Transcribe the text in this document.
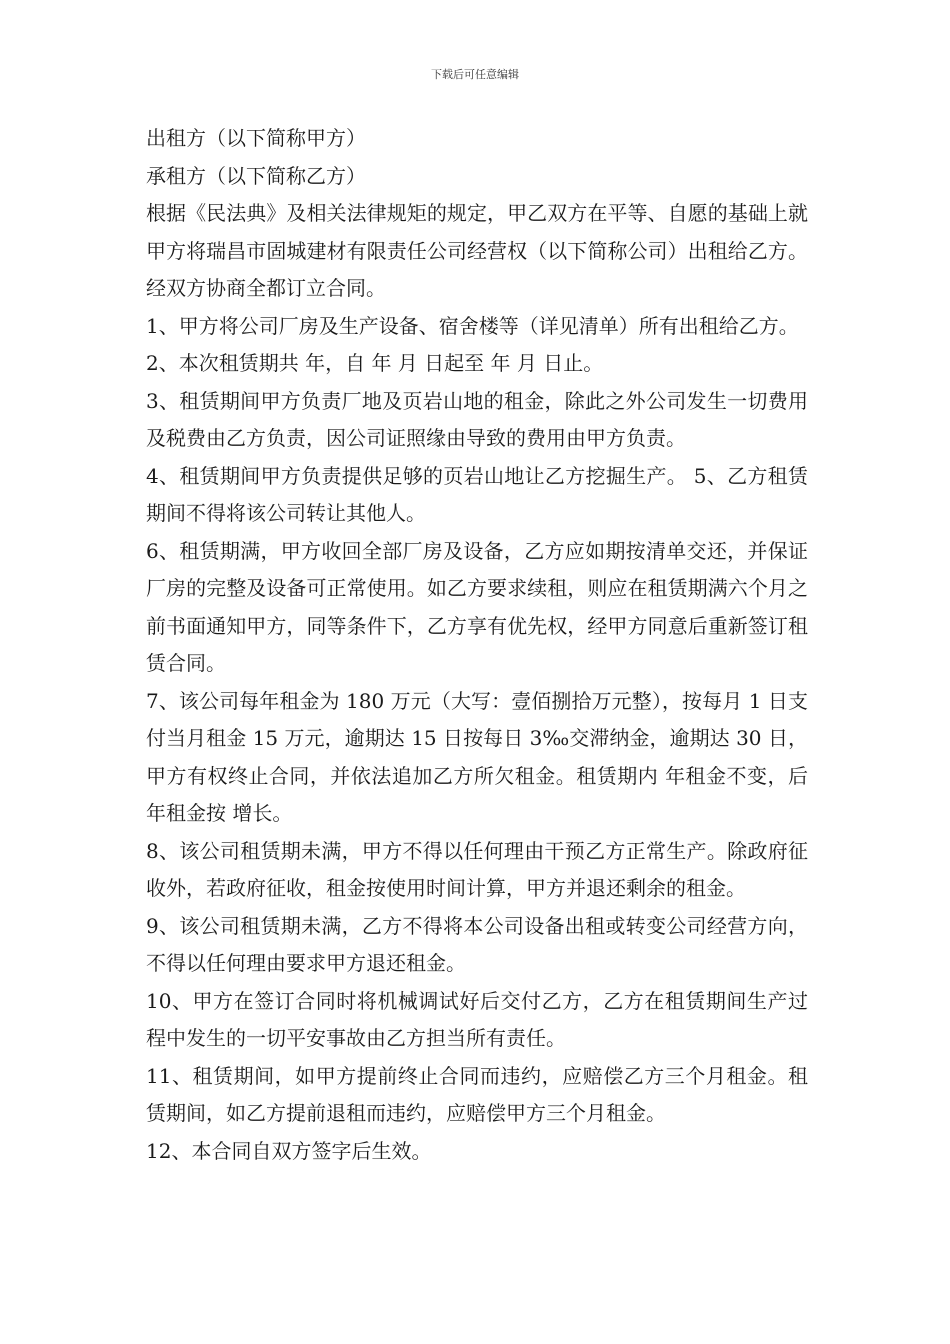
下载后可任意编辑

出租方（以下简称甲方）

承租方（以下简称乙方）

根据《民法典》及相关法律规矩的规定，甲乙双方在平等、自愿的基础上就甲方将瑞昌市固城建材有限责任公司经营权（以下简称公司）出租给乙方。经双方协商全都订立合同。

1、甲方将公司厂房及生产设备、宿舍楼等（详见清单）所有出租给乙方。

2、本次租赁期共 年，自 年 月 日起至 年 月 日止。

3、租赁期间甲方负责厂地及页岩山地的租金，除此之外公司发生一切费用及税费由乙方负责，因公司证照缘由导致的费用由甲方负责。

4、租赁期间甲方负责提供足够的页岩山地让乙方挖掘生产。 5、乙方租赁期间不得将该公司转让其他人。

6、租赁期满，甲方收回全部厂房及设备，乙方应如期按清单交还，并保证厂房的完整及设备可正常使用。如乙方要求续租，则应在租赁期满六个月之前书面通知甲方，同等条件下，乙方享有优先权，经甲方同意后重新签订租赁合同。

7、该公司每年租金为 180 万元（大写：壹佰捌拾万元整），按每月 1 日支付当月租金 15 万元，逾期达 15 日按每日 3‰交滞纳金，逾期达 30 日，甲方有权终止合同，并依法追加乙方所欠租金。租赁期内 年租金不变，后 年租金按 增长。

8、该公司租赁期未满，甲方不得以任何理由干预乙方正常生产。除政府征收外，若政府征收，租金按使用时间计算，甲方并退还剩余的租金。

9、该公司租赁期未满，乙方不得将本公司设备出租或转变公司经营方向，不得以任何理由要求甲方退还租金。

10、甲方在签订合同时将机械调试好后交付乙方，乙方在租赁期间生产过程中发生的一切平安事故由乙方担当所有责任。

11、租赁期间，如甲方提前终止合同而违约，应赔偿乙方三个月租金。租赁期间，如乙方提前退租而违约，应赔偿甲方三个月租金。

12、本合同自双方签字后生效。
